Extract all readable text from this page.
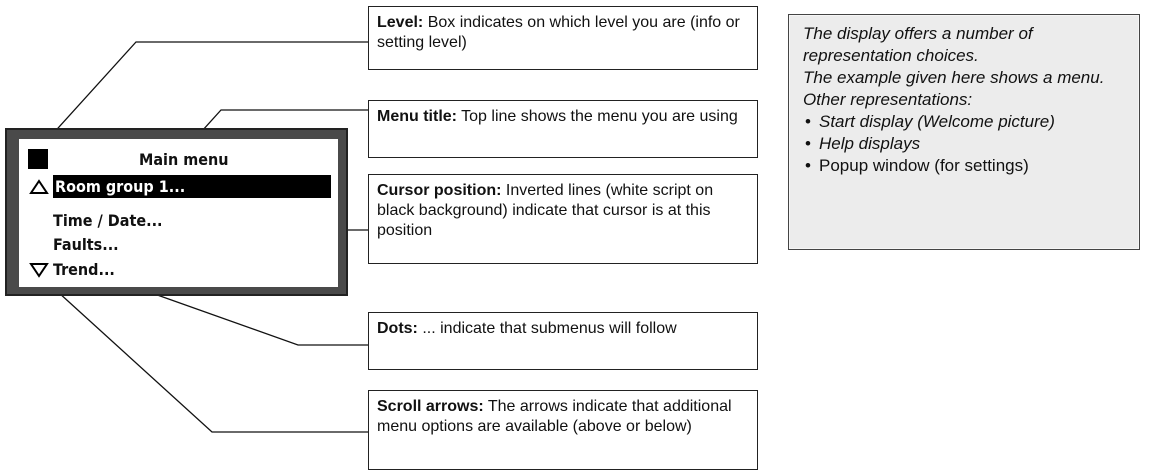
Main menu
Room group 1...
Time / Date...
Faults...
Trend...
Level: Box indicates on which level you are (info or setting level)
Menu title: Top line shows the menu you are using
Cursor position: Inverted lines (white script on black background) indicate that cursor is at this position
Dots: ... indicate that submenus will follow
Scroll arrows: The arrows indicate that additional menu options are available (above or below)
The display offers a number of representation choices.
The example given here shows a menu.
Other representations:
• Start display (Welcome picture)
• Help displays
• Popup window (for settings)
